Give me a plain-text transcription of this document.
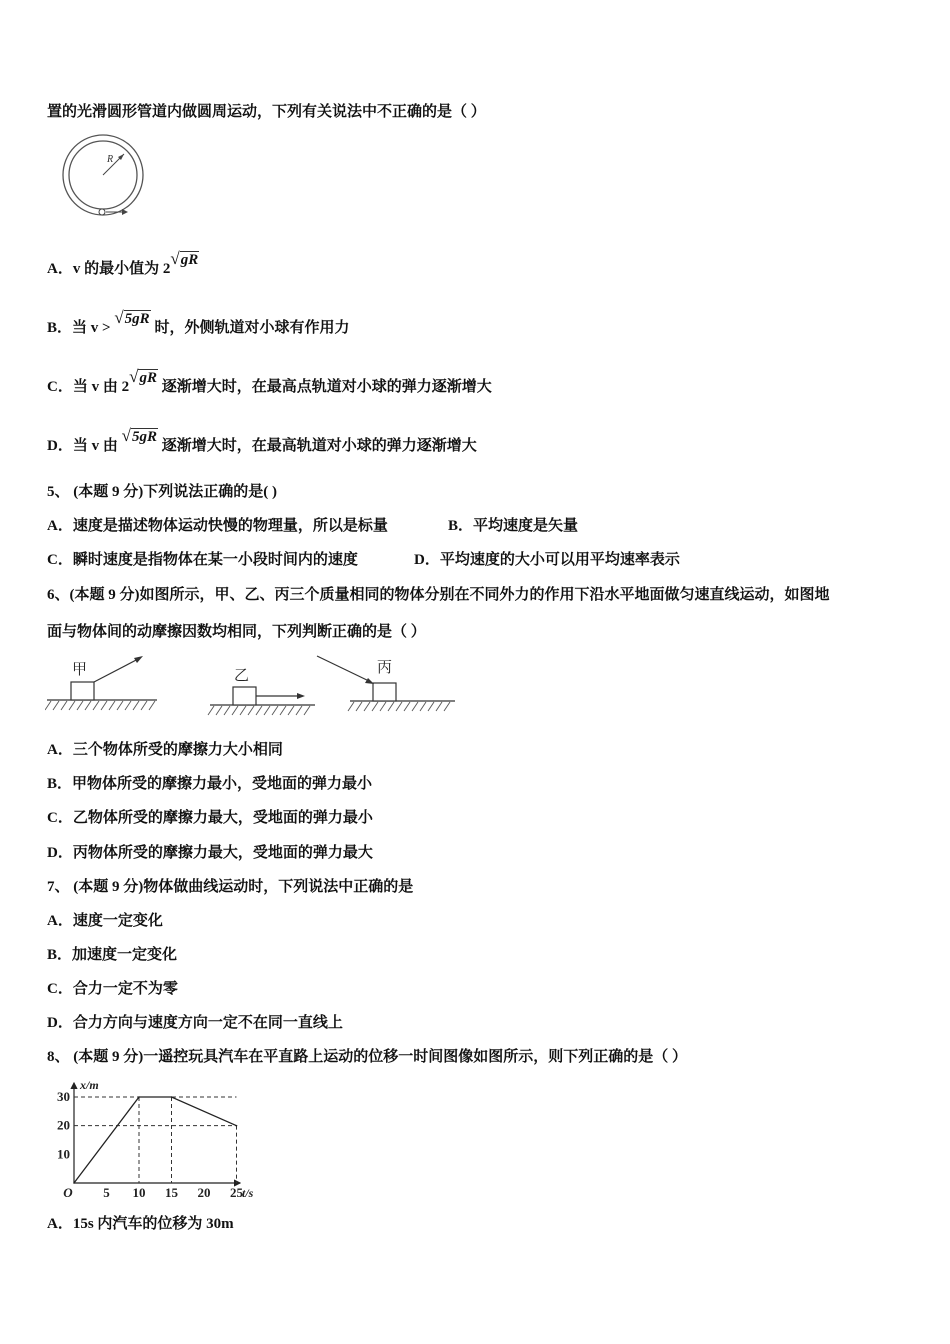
置的光滑圆形管道内做圆周运动，下列有关说法中不正确的是（ ）
R
A．v 的最小值为 2√gR
B．当 v > √5gR 时，外侧轨道对小球有作用力
C．当 v 由 2√gR 逐渐增大时，在最高点轨道对小球的弹力逐渐增大
D．当 v 由 √5gR 逐渐增大时，在最高轨道对小球的弹力逐渐增大
5、 (本题 9 分)下列说法正确的是( )
A．速度是描述物体运动快慢的物理量，所以是标量	B．平均速度是矢量
C．瞬时速度是指物体在某一小段时间内的速度	D．平均速度的大小可以用平均速率表示
6、(本题 9 分)如图所示，甲、乙、丙三个质量相同的物体分别在不同外力的作用下沿水平地面做匀速直线运动，如图地
面与物体间的动摩擦因数均相同，下列判断正确的是（ ）
甲	乙	丙
A．三个物体所受的摩擦力大小相同
B．甲物体所受的摩擦力最小，受地面的弹力最小
C．乙物体所受的摩擦力最大，受地面的弹力最小
D．丙物体所受的摩擦力最大，受地面的弹力最大
7、 (本题 9 分)物体做曲线运动时，下列说法中正确的是
A．速度一定变化
B．加速度一定变化
C．合力一定不为零
D．合力方向与速度方向一定不在同一直线上
8、 (本题 9 分)一遥控玩具汽车在平直路上运动的位移一时间图像如图所示，则下列正确的是（ ）
5 10 15 20 25
10
20
30
O
x/m
t/s
A．15s 内汽车的位移为 30m
